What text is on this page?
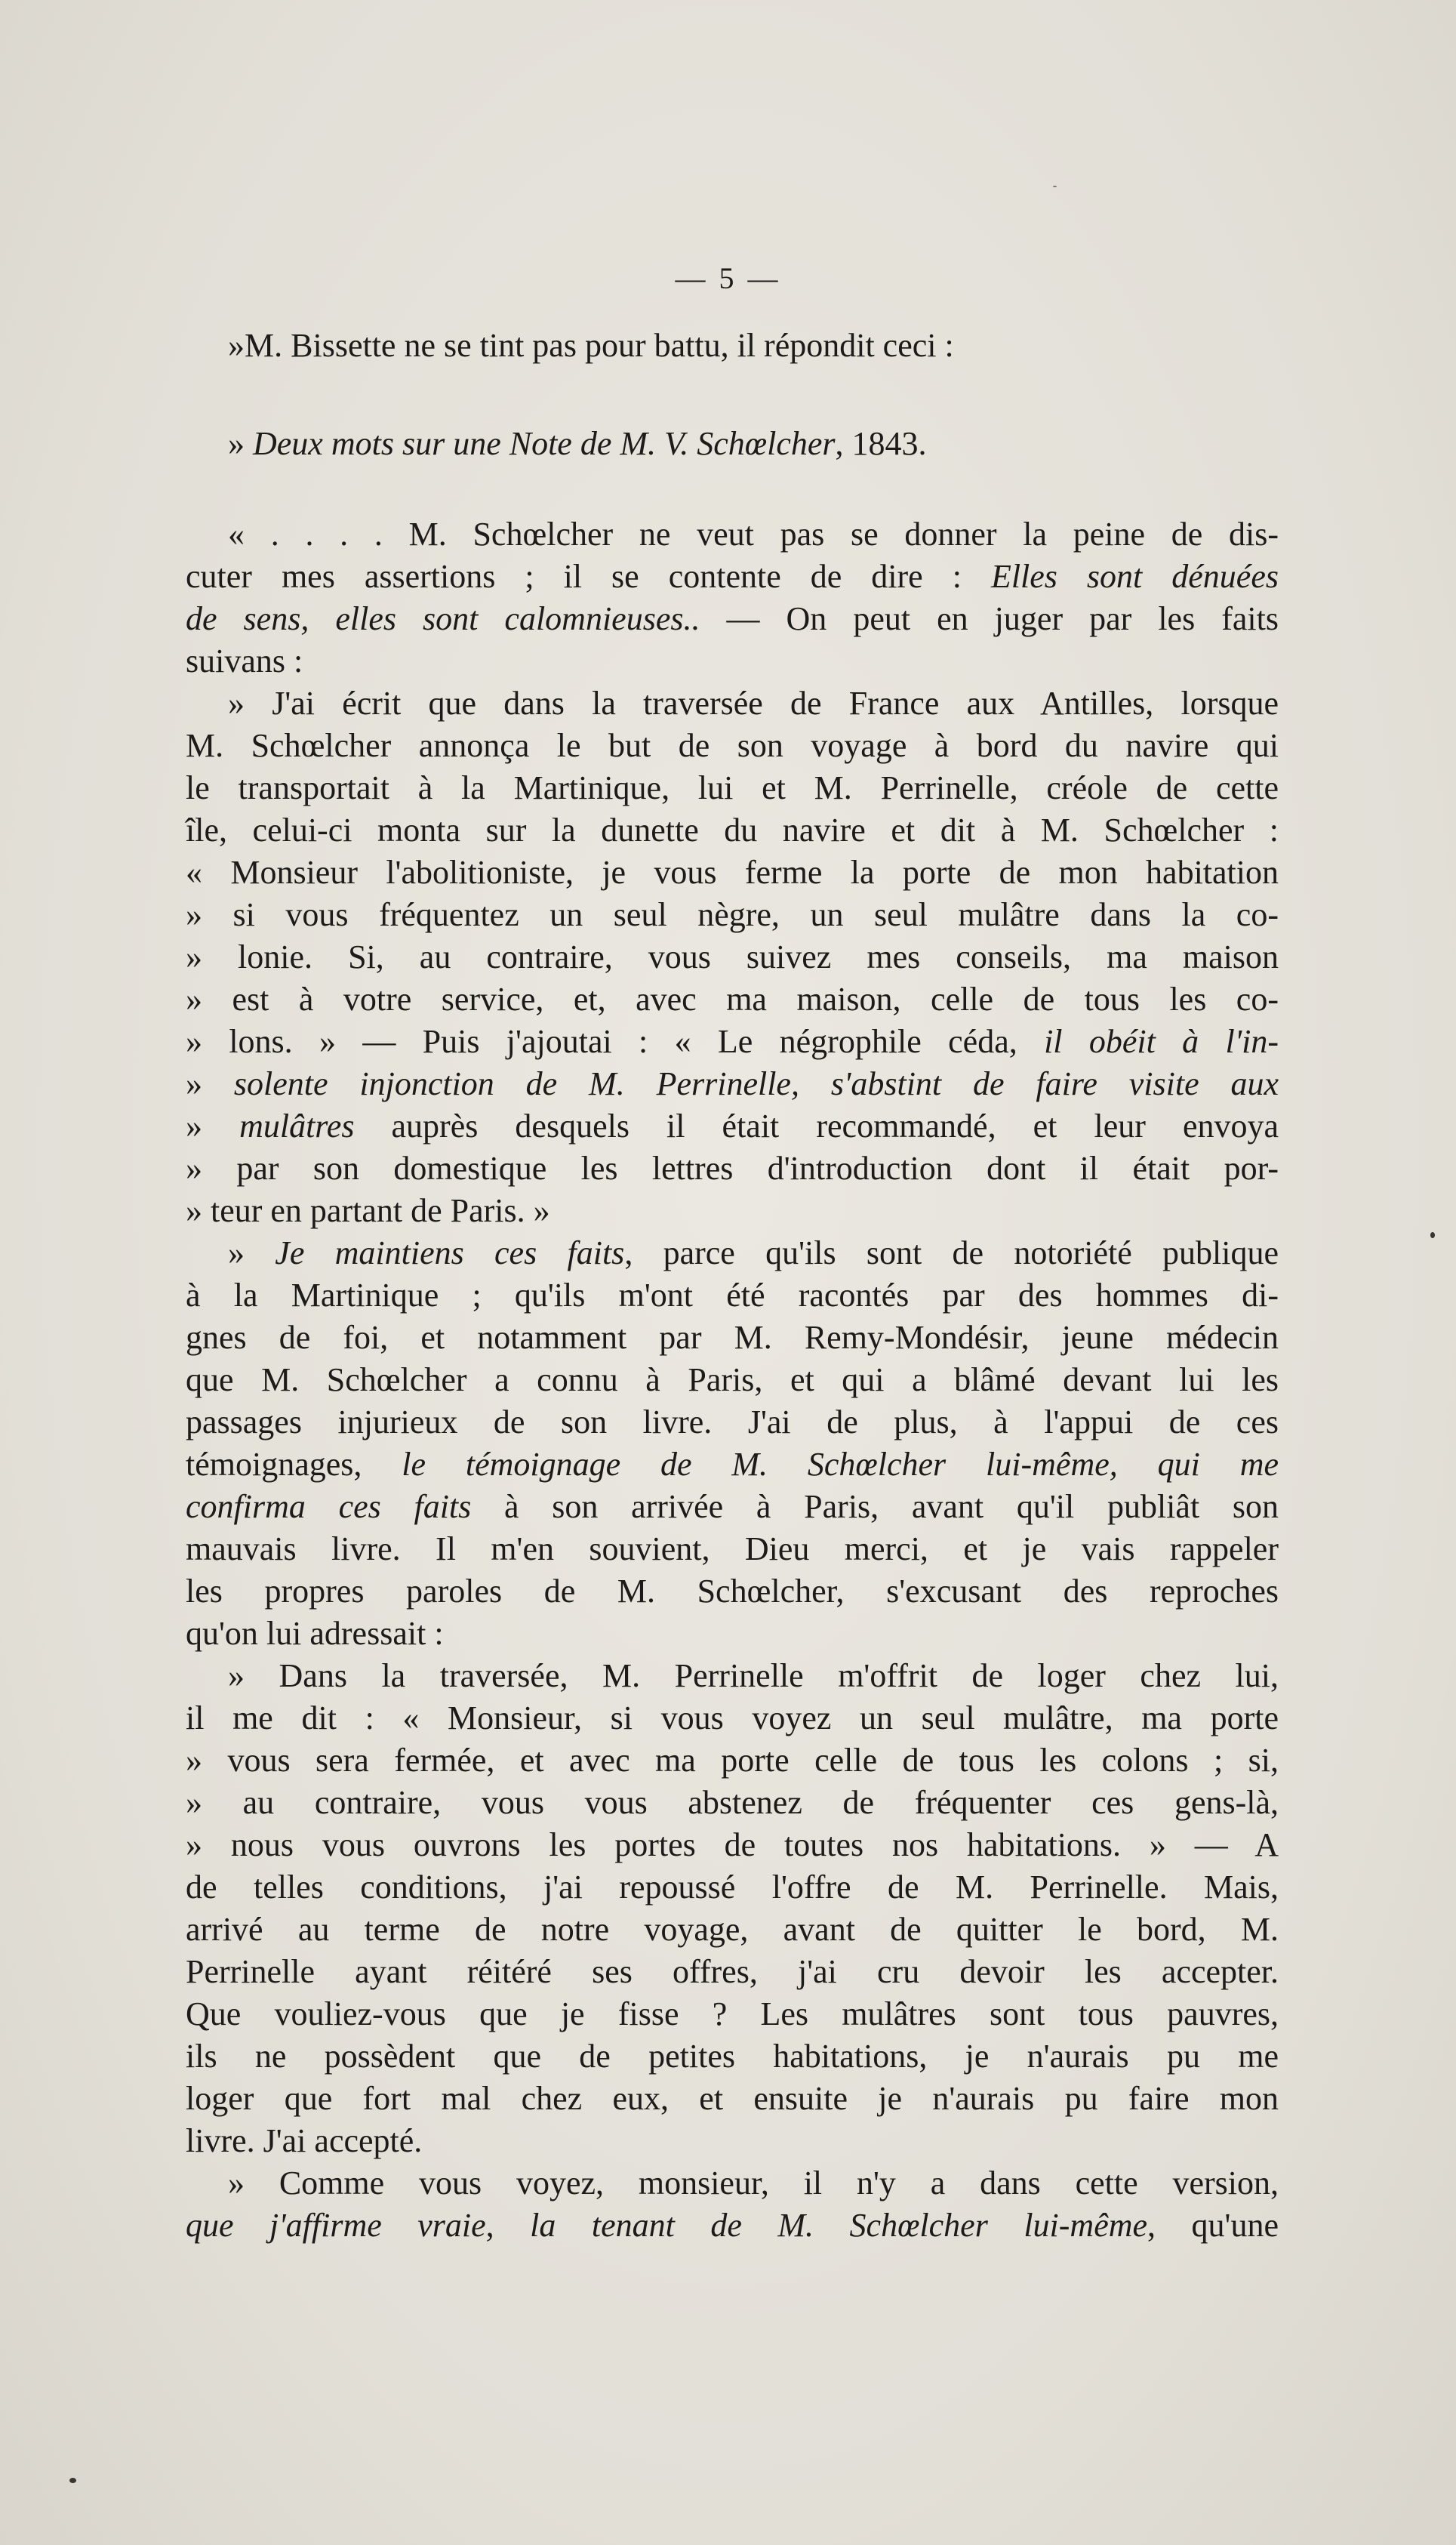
— 5 —
»M. Bissette ne se tint pas pour battu, il répondit ceci :
» Deux mots sur une Note de M. V. Schœlcher, 1843.
« . . . . M. Schœlcher ne veut pas se donner la peine de dis-
cuter mes assertions ; il se contente de dire : Elles sont dénuées
de sens, elles sont calomnieuses.. — On peut en juger par les faits
suivans :
» J'ai écrit que dans la traversée de France aux Antilles, lorsque
M. Schœlcher annonça le but de son voyage à bord du navire qui
le transportait à la Martinique, lui et M. Perrinelle, créole de cette
île, celui-ci monta sur la dunette du navire et dit à M. Schœlcher :
« Monsieur l'abolitioniste, je vous ferme la porte de mon habitation
» si vous fréquentez un seul nègre, un seul mulâtre dans la co-
» lonie. Si, au contraire, vous suivez mes conseils, ma maison
» est à votre service, et, avec ma maison, celle de tous les co-
» lons. » — Puis j'ajoutai : « Le négrophile céda, il obéit à l'in-
» solente injonction de M. Perrinelle, s'abstint de faire visite aux
» mulâtres auprès desquels il était recommandé, et leur envoya
» par son domestique les lettres d'introduction dont il était por-
» teur en partant de Paris. »
» Je maintiens ces faits, parce qu'ils sont de notoriété publique
à la Martinique ; qu'ils m'ont été racontés par des hommes di-
gnes de foi, et notamment par M. Remy-Mondésir, jeune médecin
que M. Schœlcher a connu à Paris, et qui a blâmé devant lui les
passages injurieux de son livre. J'ai de plus, à l'appui de ces
témoignages, le témoignage de M. Schœlcher lui-même, qui me
confirma ces faits à son arrivée à Paris, avant qu'il publiât son
mauvais livre. Il m'en souvient, Dieu merci, et je vais rappeler
les propres paroles de M. Schœlcher, s'excusant des reproches
qu'on lui adressait :
» Dans la traversée, M. Perrinelle m'offrit de loger chez lui,
il me dit : « Monsieur, si vous voyez un seul mulâtre, ma porte
» vous sera fermée, et avec ma porte celle de tous les colons ; si,
» au contraire, vous vous abstenez de fréquenter ces gens-là,
» nous vous ouvrons les portes de toutes nos habitations. » — A
de telles conditions, j'ai repoussé l'offre de M. Perrinelle. Mais,
arrivé au terme de notre voyage, avant de quitter le bord, M.
Perrinelle ayant réitéré ses offres, j'ai cru devoir les accepter.
Que vouliez-vous que je fisse ? Les mulâtres sont tous pauvres,
ils ne possèdent que de petites habitations, je n'aurais pu me
loger que fort mal chez eux, et ensuite je n'aurais pu faire mon
livre. J'ai accepté.
» Comme vous voyez, monsieur, il n'y a dans cette version,
que j'affirme vraie, la tenant de M. Schœlcher lui-même, qu'une
